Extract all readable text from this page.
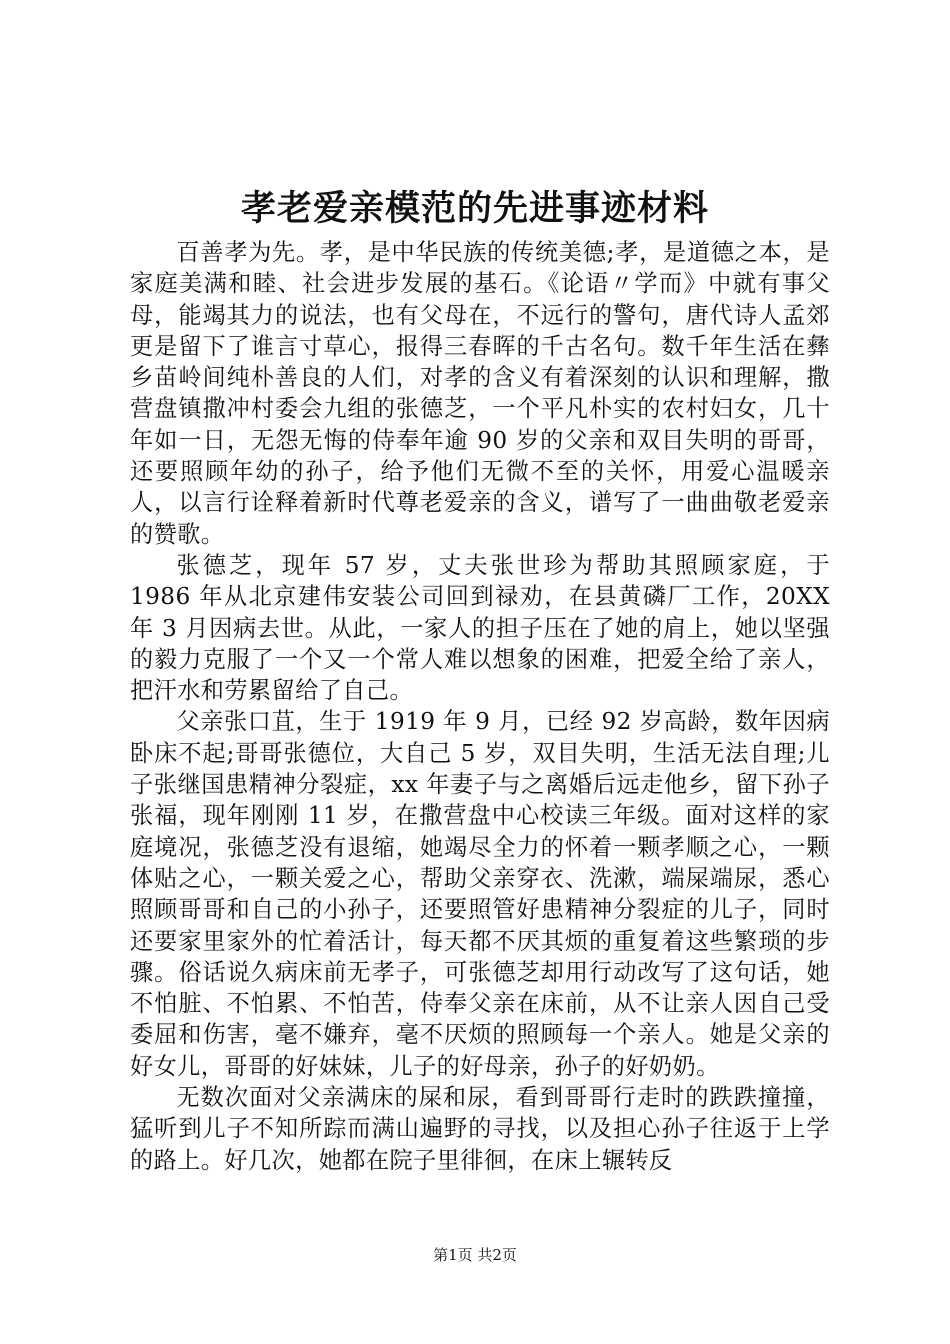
孝老爱亲模范的先进事迹材料

百善孝为先。孝，是中华民族的传统美德;孝，是道德之本，是家庭美满和睦、社会进步发展的基石。《论语〃学而》中就有事父母，能竭其力的说法，也有父母在，不远行的警句，唐代诗人孟郊更是留下了谁言寸草心，报得三春晖的千古名句。数千年生活在彝乡苗岭间纯朴善良的人们，对孝的含义有着深刻的认识和理解，撒营盘镇撒冲村委会九组的张德芝，一个平凡朴实的农村妇女，几十年如一日，无怨无悔的侍奉年逾 90 岁的父亲和双目失明的哥哥，还要照顾年幼的孙子，给予他们无微不至的关怀，用爱心温暖亲人，以言行诠释着新时代尊老爱亲的含义，谱写了一曲曲敬老爱亲的赞歌。

张德芝，现年 57 岁，丈夫张世珍为帮助其照顾家庭，于 1986 年从北京建伟安装公司回到禄劝，在县黄磷厂工作，20XX 年 3 月因病去世。从此，一家人的担子压在了她的肩上，她以坚强的毅力克服了一个又一个常人难以想象的困难，把爱全给了亲人，把汗水和劳累留给了自己。

父亲张口苴，生于 1919 年 9 月，已经 92 岁高龄，数年因病卧床不起;哥哥张德位，大自己 5 岁，双目失明，生活无法自理;儿子张继国患精神分裂症，xx 年妻子与之离婚后远走他乡，留下孙子张福，现年刚刚 11 岁，在撒营盘中心校读三年级。面对这样的家庭境况，张德芝没有退缩，她竭尽全力的怀着一颗孝顺之心，一颗体贴之心，一颗关爱之心，帮助父亲穿衣、洗漱，端屎端尿，悉心照顾哥哥和自己的小孙子，还要照管好患精神分裂症的儿子，同时还要家里家外的忙着活计，每天都不厌其烦的重复着这些繁琐的步骤。俗话说久病床前无孝子，可张德芝却用行动改写了这句话，她不怕脏、不怕累、不怕苦，侍奉父亲在床前，从不让亲人因自己受委屈和伤害，毫不嫌弃，毫不厌烦的照顾每一个亲人。她是父亲的好女儿，哥哥的好妹妹，儿子的好母亲，孙子的好奶奶。

无数次面对父亲满床的屎和尿，看到哥哥行走时的跌跌撞撞，猛听到儿子不知所踪而满山遍野的寻找，以及担心孙子往返于上学的路上。好几次，她都在院子里徘徊，在床上辗转反

第1页 共2页
